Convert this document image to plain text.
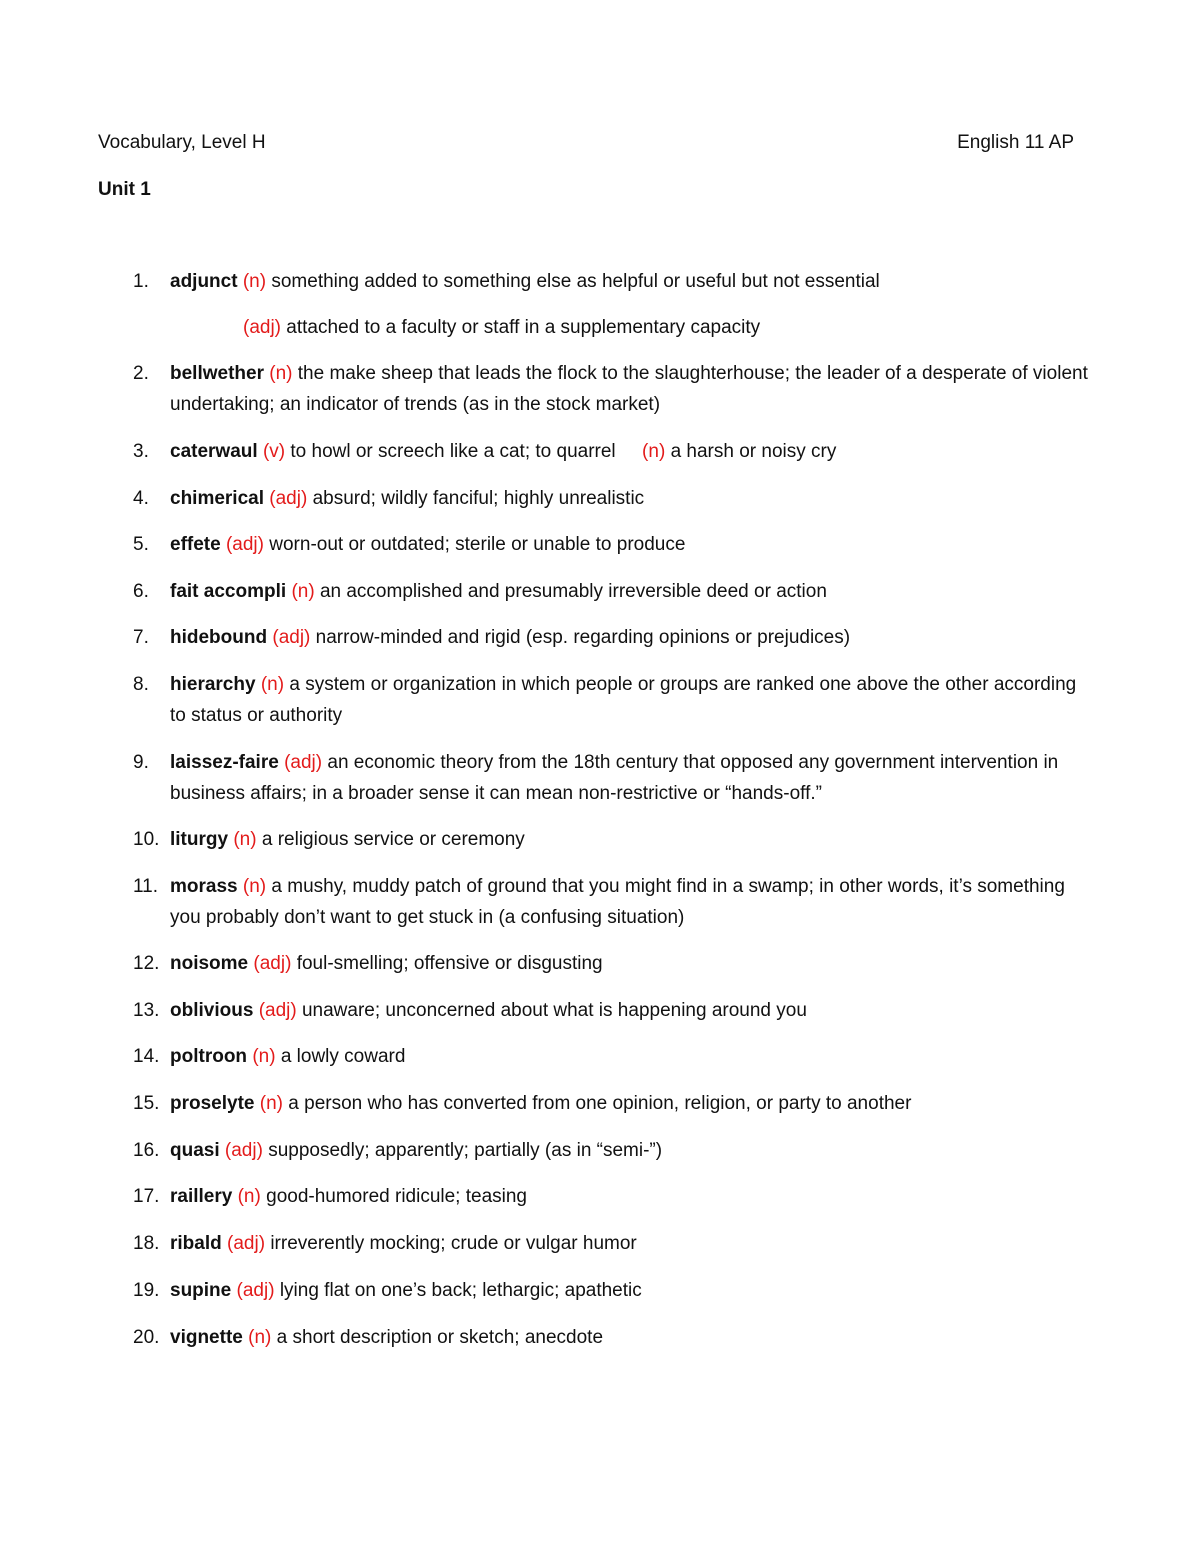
Vocabulary, Level H	English 11 AP
Unit 1
1.	adjunct (n) something added to something else as helpful or useful but not essential
(adj) attached to a faculty or staff in a supplementary capacity
2.	bellwether (n) the make sheep that leads the flock to the slaughterhouse; the leader of a desperate of violent undertaking; an indicator of trends (as in the stock market)
3.	caterwaul (v) to howl or screech like a cat; to quarrel (n) a harsh or noisy cry
4.	chimerical (adj) absurd; wildly fanciful; highly unrealistic
5.	effete (adj) worn-out or outdated; sterile or unable to produce
6.	fait accompli (n) an accomplished and presumably irreversible deed or action
7.	hidebound (adj) narrow-minded and rigid (esp. regarding opinions or prejudices)
8.	hierarchy (n) a system or organization in which people or groups are ranked one above the other according to status or authority
9.	laissez-faire (adj) an economic theory from the 18th century that opposed any government intervention in business affairs; in a broader sense it can mean non-restrictive or “hands-off.”
10. liturgy (n) a religious service or ceremony
11. morass (n) a mushy, muddy patch of ground that you might find in a swamp; in other words, it’s something you probably don’t want to get stuck in (a confusing situation)
12. noisome (adj) foul-smelling; offensive or disgusting
13. oblivious (adj) unaware; unconcerned about what is happening around you
14. poltroon (n) a lowly coward
15. proselyte (n) a person who has converted from one opinion, religion, or party to another
16. quasi (adj) supposedly; apparently; partially (as in “semi-”)
17. raillery (n) good-humored ridicule; teasing
18. ribald (adj) irreverently mocking; crude or vulgar humor
19. supine (adj) lying flat on one’s back; lethargic; apathetic
20. vignette (n) a short description or sketch; anecdote
